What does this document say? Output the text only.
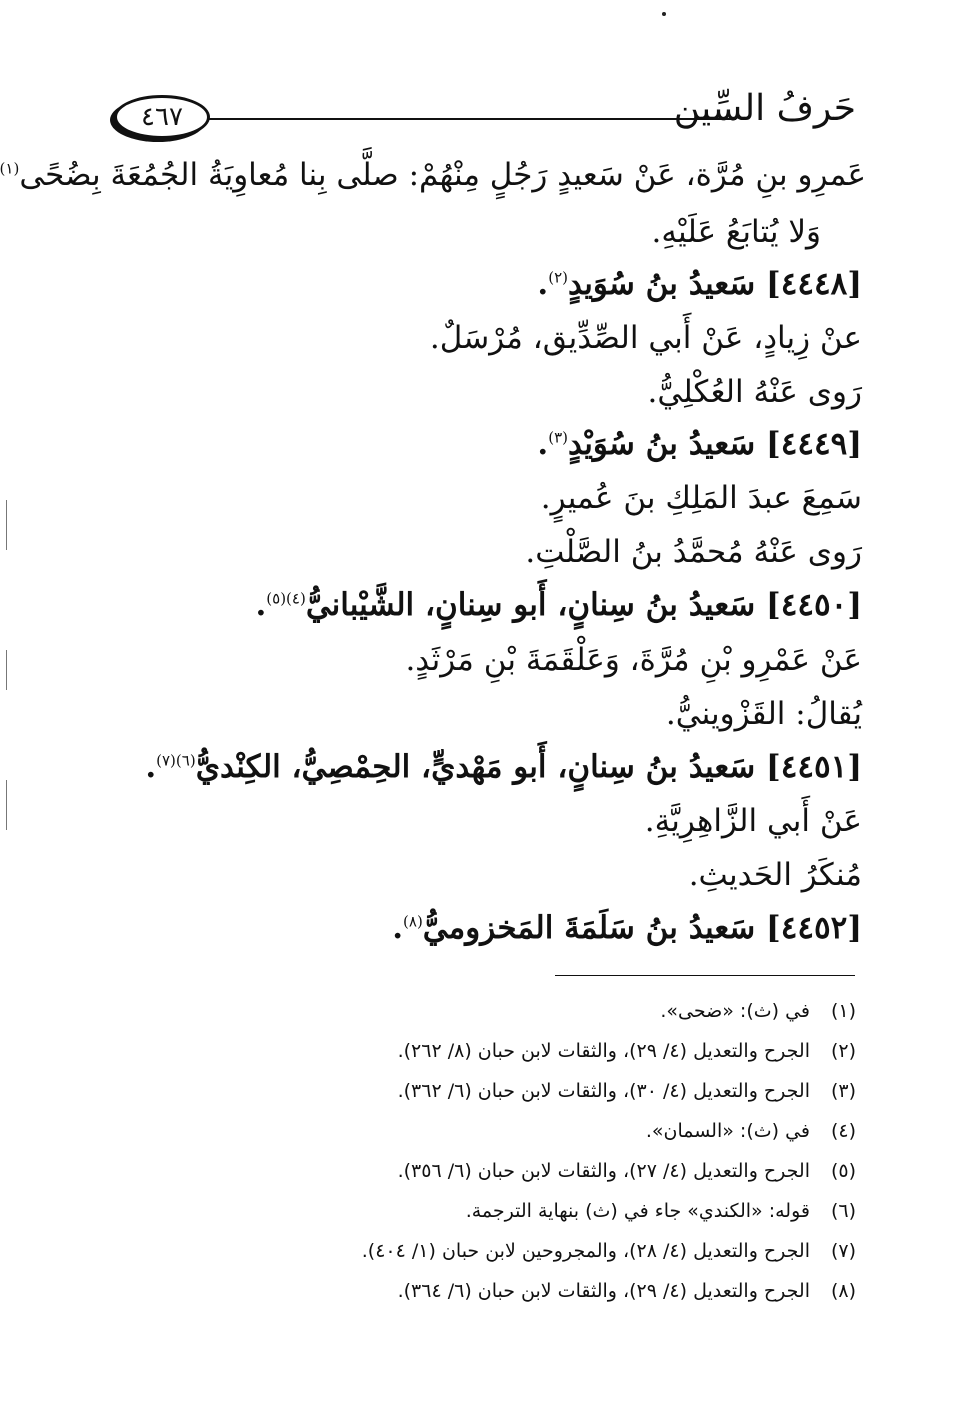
حَرفُ السِّين
٤٦٧
عَمرِو بنِ مُرَّة، عَنْ سَعيدٍ رَجُلٍ مِنْهُمْ: صلَّى بِنا مُعاوِيَةُ الجُمُعَةَ بِضُحًى$^{(١)}$
وَلا يُتابَعُ عَلَيْهِ.
[٤٤٤٨] سَعيدُ بنُ سُوَيدٍ$^{(٢)}$.
عنْ زِيادٍ، عَنْ أَبي الصِّدِّيق، مُرْسَلٌ.
رَوى عَنْهُ العُكْلِيُّ.
[٤٤٤٩] سَعيدُ بنُ سُوَيْدٍ$^{(٣)}$.
سَمِعَ عبدَ المَلِكِ بنَ عُميرٍ.
رَوى عَنْهُ مُحمَّدُ بنُ الصَّلْتِ.
[٤٤٥٠] سَعيدُ بنُ سِنانٍ، أَبو سِنانٍ، الشَّيْبانيُّ$^{(٤)(٥)}$.
عَنْ عَمْرِو بْنِ مُرَّةَ، وَعَلْقَمَةَ بْنِ مَرْثَدٍ.
يُقالُ: القَزْوينيُّ.
[٤٤٥١] سَعيدُ بنُ سِنانٍ، أَبو مَهْديٍّ، الحِمْصِيُّ، الكِنْديُّ$^{(٦)(٧)}$.
عَنْ أَبي الزَّاهِرِيَّةِ.
مُنكَرُ الحَديثِ.
[٤٤٥٢] سَعيدُ بنُ سَلَمَةَ المَخزوميُّ$^{(٨)}$.
(١)في (ث): «ضحى».
(٢)الجرح والتعديل (٤/ ٢٩)، والثقات لابن حبان (٨/ ٢٦٢).
(٣)الجرح والتعديل (٤/ ٣٠)، والثقات لابن حبان (٦/ ٣٦٢).
(٤)في (ث): «السمان».
(٥)الجرح والتعديل (٤/ ٢٧)، والثقات لابن حبان (٦/ ٣٥٦).
(٦)قوله: «الكندي» جاء في (ث) بنهاية الترجمة.
(٧)الجرح والتعديل (٤/ ٢٨)، والمجروحين لابن حبان (١/ ٤٠٤).
(٨)الجرح والتعديل (٤/ ٢٩)، والثقات لابن حبان (٦/ ٣٦٤).
